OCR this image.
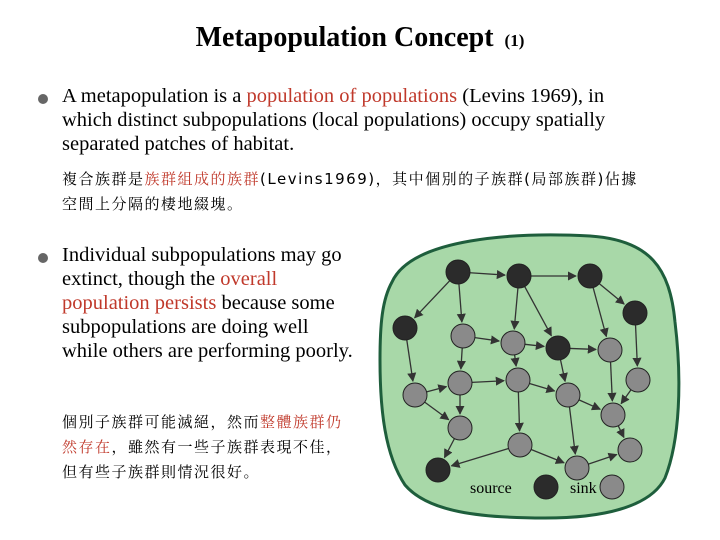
Metapopulation Concept (1)
A metapopulation is a population of populations (Levins 1969), in which distinct subpopulations (local populations) occupy spatially separated patches of habitat.
複合族群是族群組成的族群(Levins1969)，其中個別的子族群(局部族群)佔據空間上分隔的棲地綴塊。
Individual subpopulations may go extinct, though the overall population persists because some subpopulations are doing well while others are performing poorly.
個別子族群可能滅絕，然而整體族群仍然存在，雖然有一些子族群表現不佳，但有些子族群則情況很好。
source	sink
